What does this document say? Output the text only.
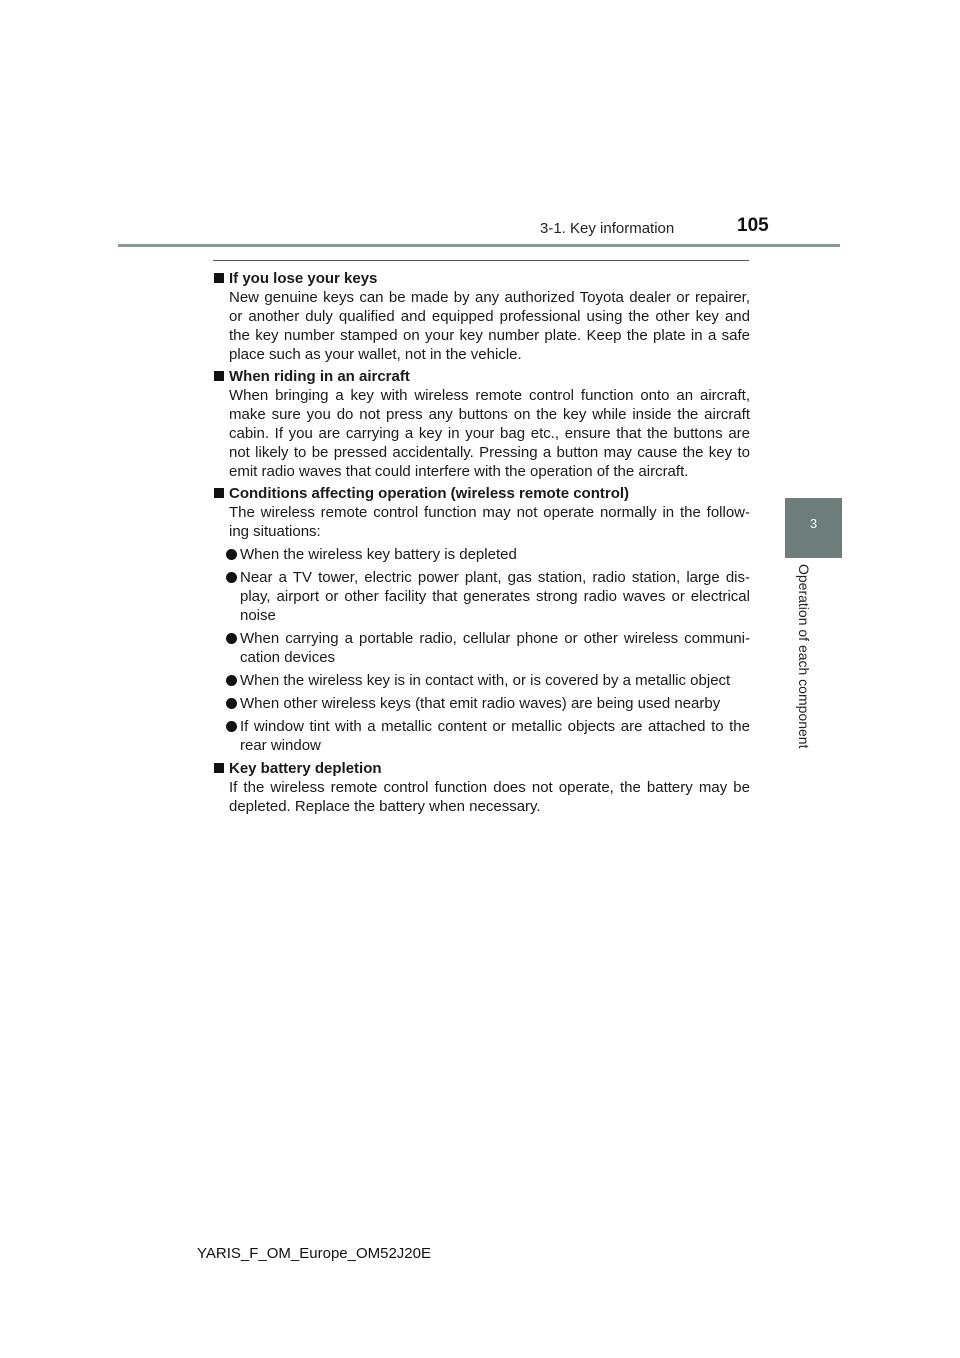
3-1. Key information	105
3
Operation of each component
If you lose your keys

New genuine keys can be made by any authorized Toyota dealer or repairer, or another duly qualified and equipped professional using the other key and the key number stamped on your key number plate. Keep the plate in a safe place such as your wallet, not in the vehicle.

When riding in an aircraft

When bringing a key with wireless remote control function onto an aircraft, make sure you do not press any buttons on the key while inside the aircraft cabin. If you are carrying a key in your bag etc., ensure that the buttons are not likely to be pressed accidentally. Pressing a button may cause the key to emit radio waves that could interfere with the operation of the aircraft.

Conditions affecting operation (wireless remote control)

The wireless remote control function may not operate normally in the follow-ing situations:

When the wireless key battery is depleted
Near a TV tower, electric power plant, gas station, radio station, large dis-play, airport or other facility that generates strong radio waves or electrical noise
When carrying a portable radio, cellular phone or other wireless communi-cation devices
When the wireless key is in contact with, or is covered by a metallic object
When other wireless keys (that emit radio waves) are being used nearby
If window tint with a metallic content or metallic objects are attached to the rear window
Key battery depletion

If the wireless remote control function does not operate, the battery may be depleted. Replace the battery when necessary.

YARIS_F_OM_Europe_OM52J20E
